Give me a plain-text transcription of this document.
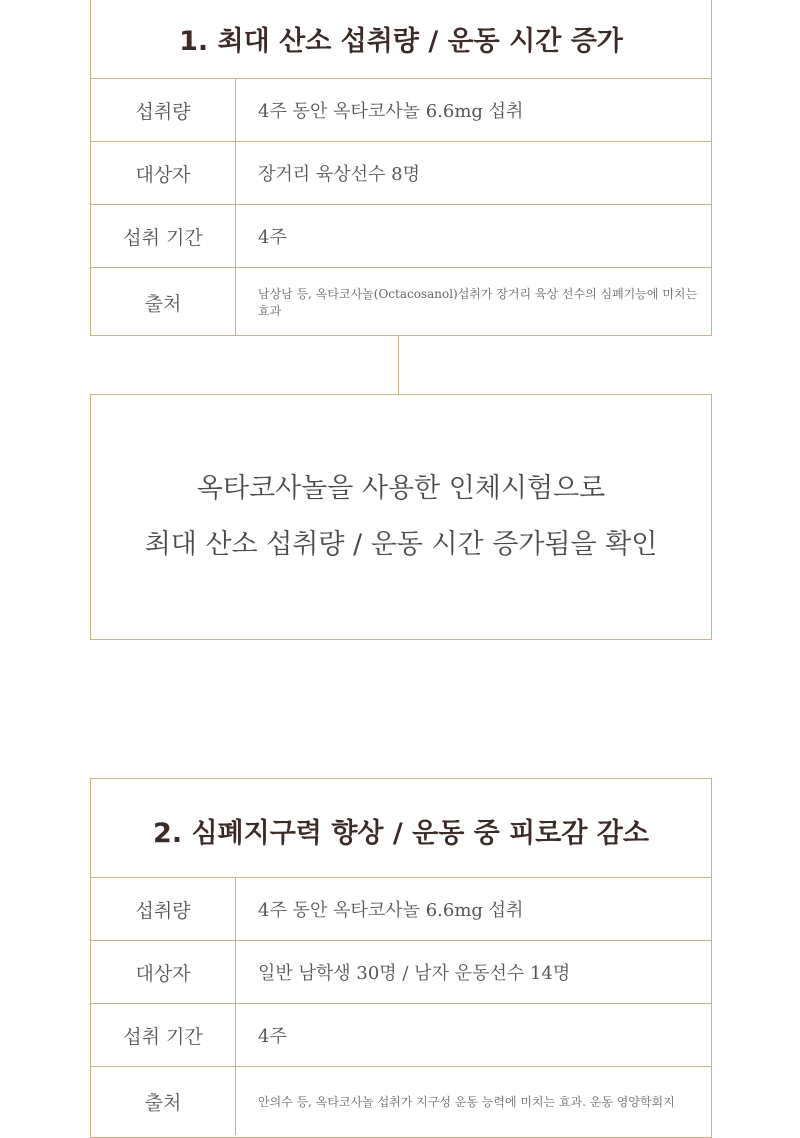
1. 최대 산소 섭취량 / 운동 시간 증가
섭취량	4주 동안 옥타코사놀 6.6mg 섭취
대상자	장거리 육상선수 8명
섭취 기간	4주
출처	남상남 등, 옥타코사놀(Octacosanol)섭취가 장거리 육상 선수의 심폐기능에 미치는 효과
옥타코사놀을 사용한 인체시험으로
최대 산소 섭취량 / 운동 시간 증가됨을 확인
2. 심폐지구력 향상 / 운동 중 피로감 감소
섭취량	4주 동안 옥타코사놀 6.6mg 섭취
대상자	일반 남학생 30명 / 남자 운동선수 14명
섭취 기간	4주
출처	안의수 등, 옥타코사놀 섭취가 지구성 운동 능력에 미치는 효과. 운동 영양학회지
